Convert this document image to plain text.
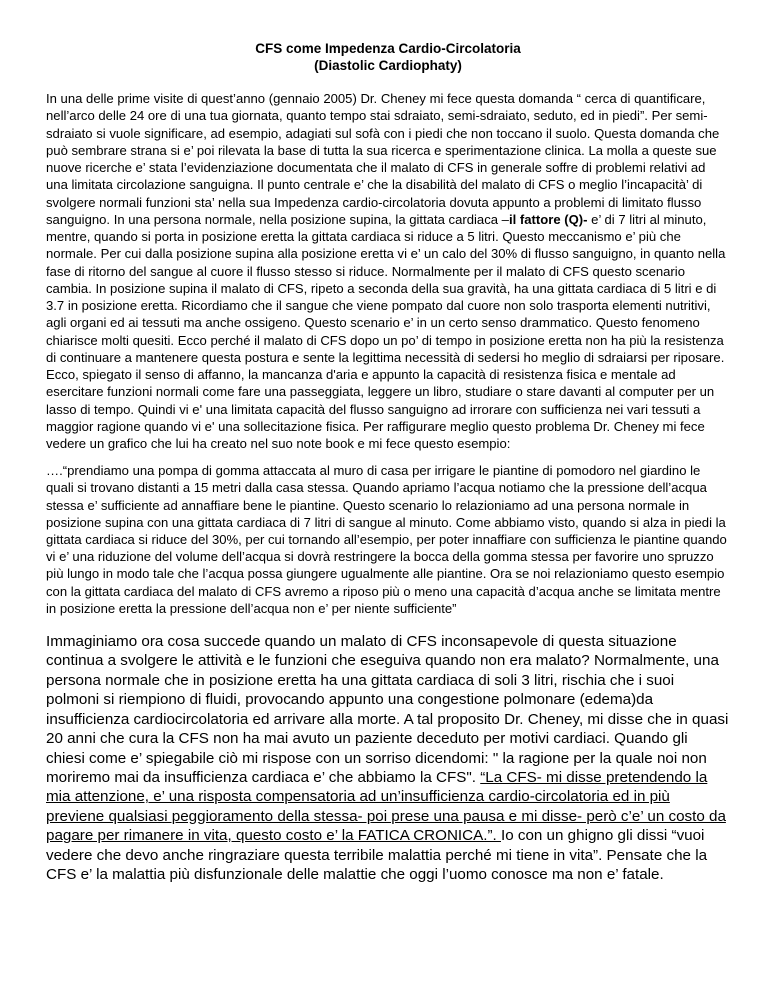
CFS come Impedenza Cardio-Circolatoria
(Diastolic Cardiophaty)

In una delle prime visite di quest’anno (gennaio 2005) Dr. Cheney mi fece questa domanda “ cerca di quantificare, nell’arco delle 24 ore di una tua giornata, quanto tempo stai sdraiato, semi-sdraiato, seduto, ed in piedi”. Per semi-sdraiato si vuole significare, ad esempio, adagiati sul sofà con i piedi che non toccano il suolo. Questa domanda che può sembrare strana si e’ poi rilevata la base di tutta la sua ricerca e sperimentazione clinica. La molla a queste sue nuove ricerche e’ stata l’evidenziazione documentata che il malato di CFS in generale soffre di problemi relativi ad una limitata circolazione sanguigna. Il punto centrale e’ che la disabilità del malato di CFS o meglio l’incapacità’ di svolgere normali funzioni sta’ nella sua Impedenza cardio-circolatoria dovuta appunto a problemi di limitato flusso sanguigno. In una persona normale, nella posizione supina, la gittata cardiaca –il fattore (Q)- e’ di 7 litri al minuto, mentre, quando si porta in posizione eretta la gittata cardiaca si riduce a 5 litri. Questo meccanismo e’ più che normale. Per cui dalla posizione supina alla posizione eretta vi e’ un calo del 30% di flusso sanguigno, in quanto nella fase di ritorno del sangue al cuore il flusso stesso si riduce. Normalmente per il malato di CFS questo scenario cambia. In posizione supina il malato di CFS, ripeto a seconda della sua gravità, ha una gittata cardiaca di 5 litri e di 3.7 in posizione eretta. Ricordiamo che il sangue che viene pompato dal cuore non solo trasporta elementi nutritivi, agli organi ed ai tessuti ma anche ossigeno. Questo scenario e’ in un certo senso drammatico. Questo fenomeno chiarisce molti quesiti. Ecco perché il malato di CFS dopo un po’ di tempo in posizione eretta non ha più la resistenza di continuare a mantenere questa postura e sente la legittima necessità di sedersi ho meglio di sdraiarsi per riposare. Ecco, spiegato il senso di affanno, la mancanza d'aria e appunto la capacità di resistenza fisica e mentale ad esercitare funzioni normali come fare una passeggiata, leggere un libro, studiare o stare davanti al computer per un lasso di tempo. Quindi vi e' una limitata capacità del flusso sanguigno ad irrorare con sufficienza nei vari tessuti a maggior ragione quando vi e' una sollecitazione fisica. Per raffigurare meglio questo problema Dr. Cheney mi fece vedere un grafico che lui ha creato nel suo note book e mi fece questo esempio:

….“prendiamo una pompa di gomma attaccata al muro di casa per irrigare le piantine di pomodoro nel giardino le quali si trovano distanti a 15 metri dalla casa stessa. Quando apriamo l’acqua notiamo che la pressione dell’acqua stessa e’ sufficiente ad annaffiare bene le piantine. Questo scenario lo relazioniamo ad una persona normale in posizione supina con una gittata cardiaca di 7 litri di sangue al minuto. Come abbiamo visto, quando si alza in piedi la gittata cardiaca si riduce del 30%, per cui tornando all’esempio, per poter innaffiare con sufficienza le piantine quando vi e’ una riduzione del volume dell’acqua si dovrà restringere la bocca della gomma stessa per favorire uno spruzzo più lungo in modo tale che l’acqua possa giungere ugualmente alle piantine. Ora se noi relazioniamo questo esempio con la gittata cardiaca del malato di CFS avremo a riposo più o meno una capacità d’acqua anche se limitata mentre in posizione eretta la pressione dell’acqua non e’ per niente sufficiente”

Immaginiamo ora cosa succede quando un malato di CFS inconsapevole di questa situazione continua a svolgere le attività e le funzioni che eseguiva quando non era malato? Normalmente, una persona normale che in posizione eretta ha una gittata cardiaca di soli 3 litri, rischia che i suoi polmoni si riempiono di fluidi, provocando appunto una congestione polmonare (edema)da insufficienza cardiocircolatoria ed arrivare alla morte. A tal proposito Dr. Cheney, mi disse che in quasi 20 anni che cura la CFS non ha mai avuto un paziente deceduto per motivi cardiaci. Quando gli chiesi come e’ spiegabile ciò mi rispose con un sorriso dicendomi: " la ragione per la quale noi non moriremo mai da insufficienza cardiaca e’ che abbiamo la CFS". “La CFS- mi disse pretendendo la mia attenzione, e’ una risposta compensatoria ad un’insufficienza cardio-circolatoria ed in più previene qualsiasi peggioramento della stessa- poi prese una pausa e mi disse- però c’e’ un costo da pagare per rimanere in vita, questo costo e’ la FATICA CRONICA.”. Io con un ghigno gli dissi “vuoi vedere che devo anche ringraziare questa terribile malattia perché mi tiene in vita”. Pensate che la CFS e’ la malattia più disfunzionale delle malattie che oggi l’uomo conosce ma non e’ fatale.
